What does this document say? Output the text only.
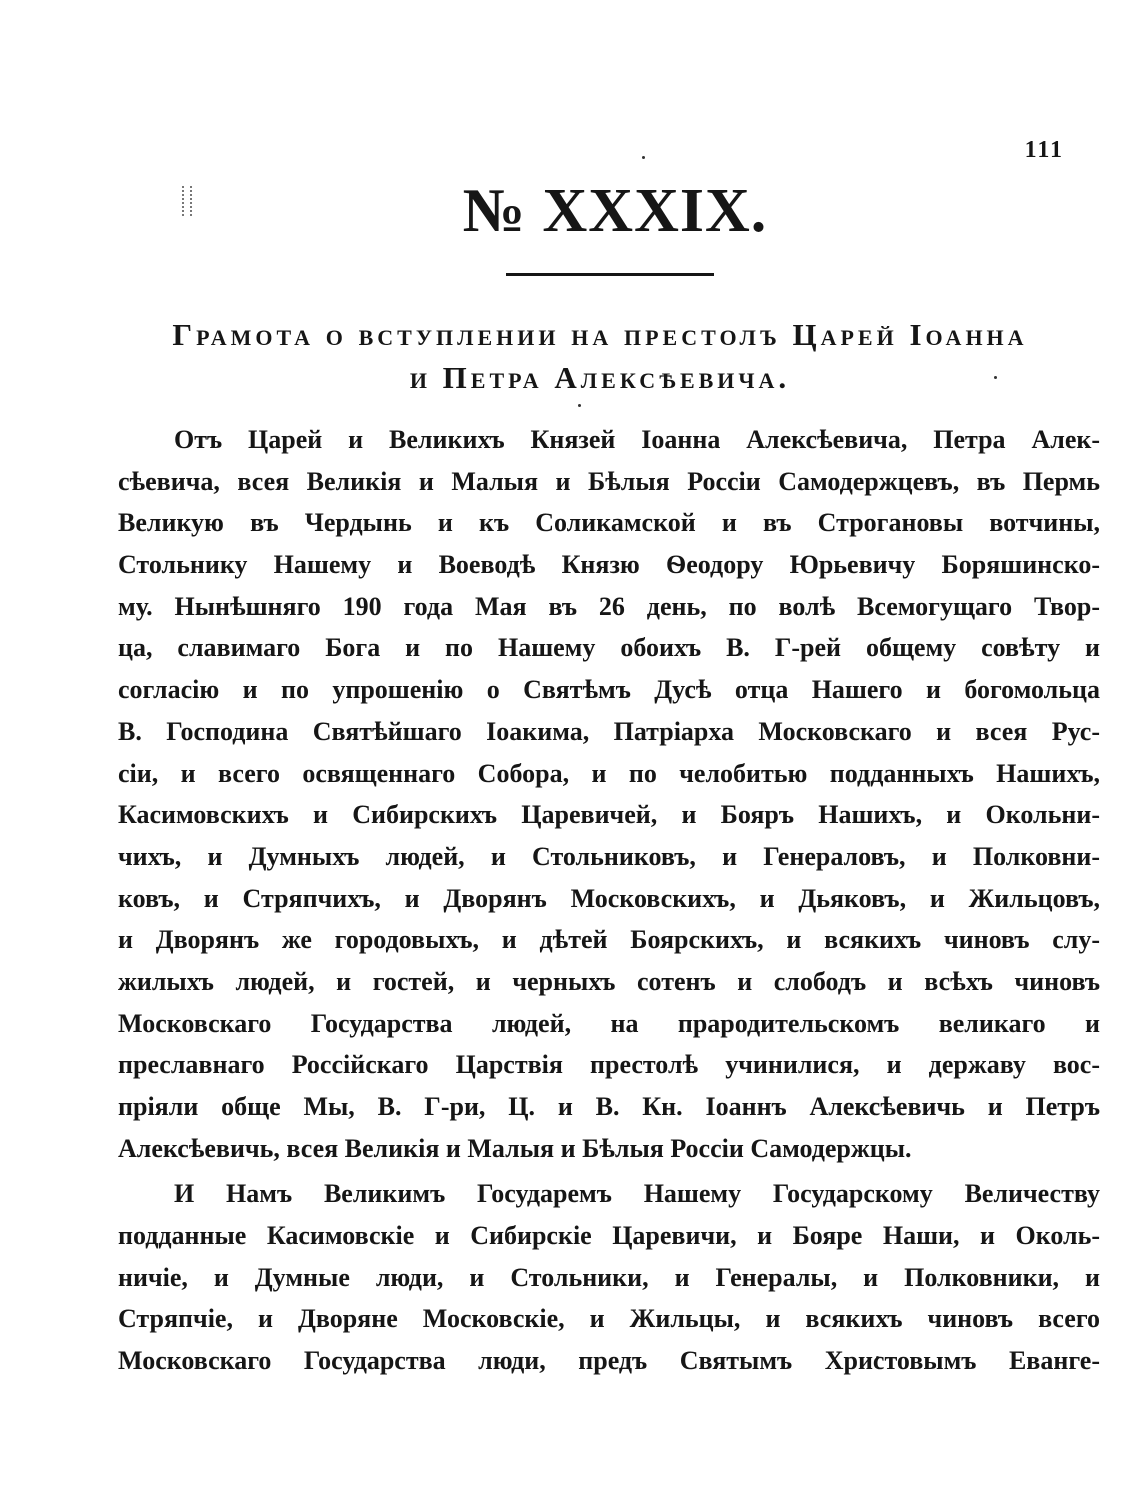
111
№ XXXIX.
Грамота о вступлении на престолъ Царей Іоанна
и Петра Алексѣевича.
Отъ Царей и Великихъ Князей Іоанна Алексѣевича, Петра Алек-
сѣевича, всея Великія и Малыя и Бѣлыя Россіи Самодержцевъ, въ Пермь
Великую въ Чердынь и къ Соликамской и въ Строгановы вотчины,
Стольнику Нашему и Воеводѣ Князю Ѳеодору Юрьевичу Боряшинско-
му. Нынѣшняго 190 года Мая въ 26 день, по волѣ Всемогущаго Твор-
ца, славимаго Бога и по Нашему обоихъ В. Г-рей общему совѣту и
согласію и по упрошенію о Святѣмъ Дусѣ отца Нашего и богомольца
В. Господина Святѣйшаго Іоакима, Патріарха Московскаго и всея Рус-
сіи, и всего освященнаго Собора, и по челобитью подданныхъ Нашихъ,
Касимовскихъ и Сибирскихъ Царевичей, и Бояръ Нашихъ, и Окольни-
чихъ, и Думныхъ людей, и Стольниковъ, и Генераловъ, и Полковни-
ковъ, и Стряпчихъ, и Дворянъ Московскихъ, и Дьяковъ, и Жильцовъ,
и Дворянъ же городовыхъ, и дѣтей Боярскихъ, и всякихъ чиновъ слу-
жилыхъ людей, и гостей, и черныхъ сотенъ и слободъ и всѣхъ чиновъ
Московскаго Государства людей, на прародительскомъ великаго и
преславнаго Россійскаго Царствія престолѣ учинилися, и державу вос-
пріяли обще Мы, В. Г-ри, Ц. и В. Кн. Іоаннъ Алексѣевичь и Петръ
Алексѣевичь, всея Великія и Малыя и Бѣлыя Россіи Самодержцы.
И Намъ Великимъ Государемъ Нашему Государскому Величеству
подданные Касимовскіе и Сибирскіе Царевичи, и Бояре Наши, и Околь-
ничіе, и Думные люди, и Стольники, и Генералы, и Полковники, и
Стряпчіе, и Дворяне Московскіе, и Жильцы, и всякихъ чиновъ всего
Московскаго Государства люди, предъ Святымъ Христовымъ Еванге-
